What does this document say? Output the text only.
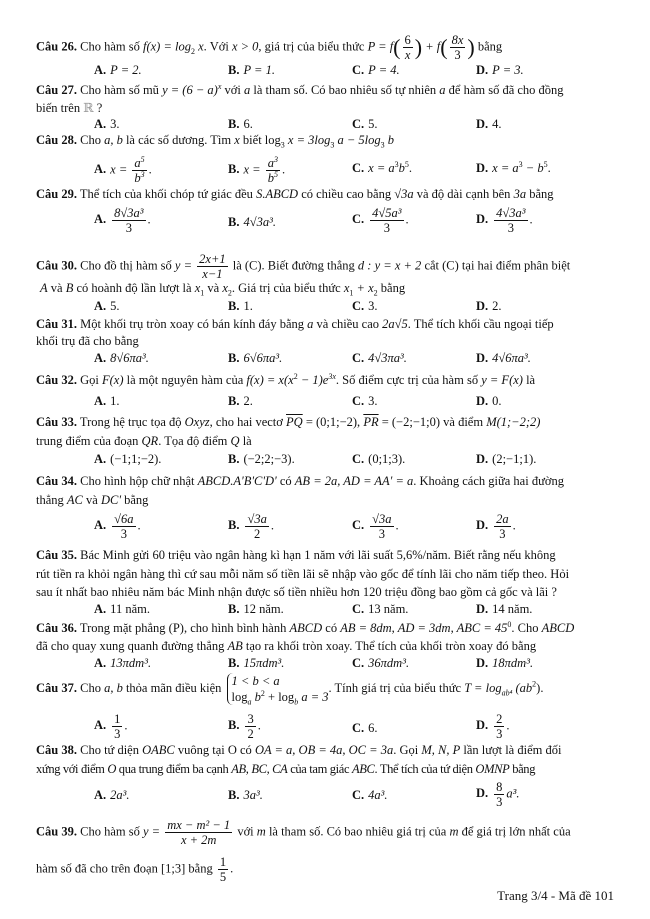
Câu 26. Cho hàm số $f(x) = \log_2 x$. Với x > 0, giá trị của biểu thức $P = f( \frac{6}{x}$ ) + $f( \frac{8x}{3}$ ) bằng
A. P = 2.	B. P = 1.	C. P = 4.	D. P = 3.
Câu 27. Cho hàm số mũ $y = (6 - a)^x$ với a là tham số. Có bao nhiêu số tự nhiên a để hàm số đã cho đồng
biến trên ℝ ?
A. 3.	B. 6.	C. 5.	D. 4.
Câu 28. Cho a, b là các số dương. Tìm x biết $\log_3 x = 3\log_3$ $a - 5\log_3$ b
A. $x = \frac{a^5}{b^3}$ .	B. $x = \frac{a^3}{b^5}$ .	C. $x = a^3b^5$.	D. $x = a^3 - b^5$.
Câu 29. Thể tích của khối chóp tứ giác đều S.ABCD có chiều cao bằng √3a và độ dài cạnh bên 3a bằng
A. $\frac{\text{8√3a³}}{3}$ .	B. 4√3a³.	C. $\frac{\text{4√5a³}}{3}$ .	D. $\frac{\text{4√3a³}}{3}$ .
Câu 30. Cho đồ thị hàm số $y = \frac{2x+1}{x-1}$ là (C). Biết đường thẳng d : y = x + 2 cắt (C) tại hai điểm phân biệt
A và B có hoành độ lần lượt là $x_1$ và $x_2$. Giá trị của biểu thức $x_1 + x_2$ bằng
A. 5.	B. 1.	C. 3.	D. 2.
Câu 31. Một khối trụ tròn xoay có bán kính đáy bằng a và chiều cao 2a√5. Thể tích khối cầu ngoại tiếp
khối trụ đã cho bằng
A. 8√6πa³.	B. 6√6πa³.	C. 4√3πa³.	D. 4√6πa³.
Câu 32. Gọi F(x) là một nguyên hàm của $f(x) = x(x^2 - 1)e^{3x}$. Số điểm cực trị của hàm số y = F(x) là
A. 1.	B. 2.	C. 3.	D. 0.
Câu 33. Trong hệ trục tọa độ Oxyz, cho hai vectơ $\overline{PQ}$ = (0;1;−2), $\overline{PR}$ = (−2;−1;0) và điểm M(1;−2;2)
trung điểm của đoạn QR. Tọa độ điểm Q là
A. (−1;1;−2).	B. (−2;2;−3).	C. (0;1;3).	D. (2;−1;1).
Câu 34. Cho hình hộp chữ nhật ABCD.A'B'C'D' có AB = 2a, AD = AA' = a. Khoảng cách giữa hai đường
thẳng AC và DC' bằng
A. $\frac{√6a}{3}$ .	B. $\frac{√3a}{2}$ .	C. $\frac{√3a}{3}$ .	D. $\frac{2a}{3}$ .
Câu 35. Bác Minh gửi 60 triệu vào ngân hàng kì hạn 1 năm với lãi suất 5,6%/năm. Biết rằng nếu không
rút tiền ra khỏi ngân hàng thì cứ sau mỗi năm số tiền lãi sẽ nhập vào gốc để tính lãi cho năm tiếp theo. Hỏi
sau ít nhất bao nhiêu năm bác Minh nhận được số tiền nhiều hơn 120 triệu đồng bao gồm cả gốc và lãi ?
A. 11 năm.	B. 12 năm.	C. 13 năm.	D. 14 năm.
Câu 36. Trong mặt phẳng (P), cho hình bình hành ABCD có AB = 8dm, AD = 3dm, ABC = $45^0$. Cho ABCD
đã cho quay xung quanh đường thẳng AB tạo ra khối tròn xoay. Thể tích của khối tròn xoay đó bằng
A. 13πdm³.	B. 15πdm³.	C. 36πdm³.	D. 18πdm³.
Câu 37. Cho a, b thỏa mãn điều kiện 1 < b < a
$\log_a b^2 + \log_b a = 3$
. Tính giá trị của biểu thức $T = \log_{ab^4} (ab^2)$.
A. $\frac{1}{3}$ .	B. $\frac{3}{2}$ .	C. 6.	D. $\frac{2}{3}$ .
Câu 38. Cho tứ diện OABC vuông tại O có OA = a, OB = 4a, OC = 3a. Gọi M, N, P lần lượt là điểm đối
xứng với điểm O qua trung điểm ba cạnh AB, BC, CA của tam giác ABC. Thể tích của tứ diện OMNP bằng
A. 2a³.	B. 3a³.	C. 4a³.	D. $\frac{8}{3} a^3$.
Câu 39. Cho hàm số $y = \frac{\text{mx − m² − 1}}{x + 2m}$ với m là tham số. Có bao nhiêu giá trị của m để giá trị lớn nhất của
hàm số đã cho trên đoạn [1;3] bằng $\frac{1}{5}$ .
Trang 3/4 - Mã đề 101
